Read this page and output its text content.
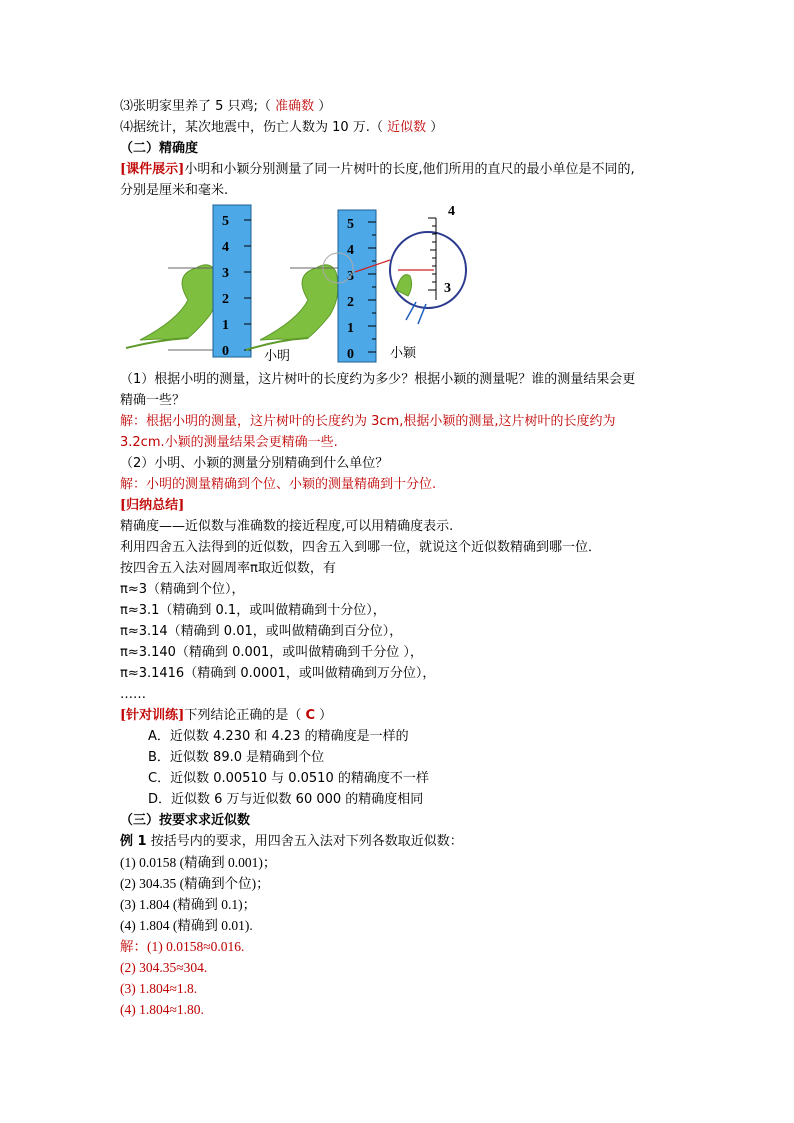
⑶张明家里养了 5 只鸡;（ 准确数 ）
⑷据统计，某次地震中，伤亡人数为 10 万.（ 近似数 ）
（二）精确度
[课件展示]小明和小颖分别测量了同一片树叶的长度,他们所用的直尺的最小单位是不同的,
分别是厘米和毫米.
5
4
3
2
1
0	小明
5
4
3
2
1
0
4
3
小颖
（1）根据小明的测量，这片树叶的长度约为多少？根据小颖的测量呢？谁的测量结果会更
精确一些？
解：根据小明的测量，这片树叶的长度约为 3cm,根据小颖的测量,这片树叶的长度约为
3.2cm.小颖的测量结果会更精确一些.
（2）小明、小颖的测量分别精确到什么单位？
解：小明的测量精确到个位、小颖的测量精确到十分位.
[归纳总结]
精确度——近似数与准确数的接近程度,可以用精确度表示.
利用四舍五入法得到的近似数，四舍五入到哪一位，就说这个近似数精确到哪一位．
按四舍五入法对圆周率π取近似数，有
π≈3（精确到个位），
π≈3.1（精确到 0.1，或叫做精确到十分位），
π≈3.14（精确到 0.01，或叫做精确到百分位），
π≈3.140（精确到 0.001，或叫做精确到千分位 ），
π≈3.1416（精确到 0.0001，或叫做精确到万分位），
……
[针对训练]下列结论正确的是（ C ）
A．近似数 4.230 和 4.23 的精确度是一样的
B．近似数 89.0 是精确到个位
C．近似数 0.00510 与 0.0510 的精确度不一样
D．近似数 6 万与近似数 60 000 的精确度相同
（三）按要求求近似数
例 1 按括号内的要求，用四舍五入法对下列各数取近似数：
(1) 0.0158 (精确到 0.001)；
(2) 304.35 (精确到个位)；
(3) 1.804 (精确到 0.1)；
(4) 1.804 (精确到 0.01).
解：(1) 0.0158≈0.016.
(2) 304.35≈304.
(3) 1.804≈1.8.
(4) 1.804≈1.80.
